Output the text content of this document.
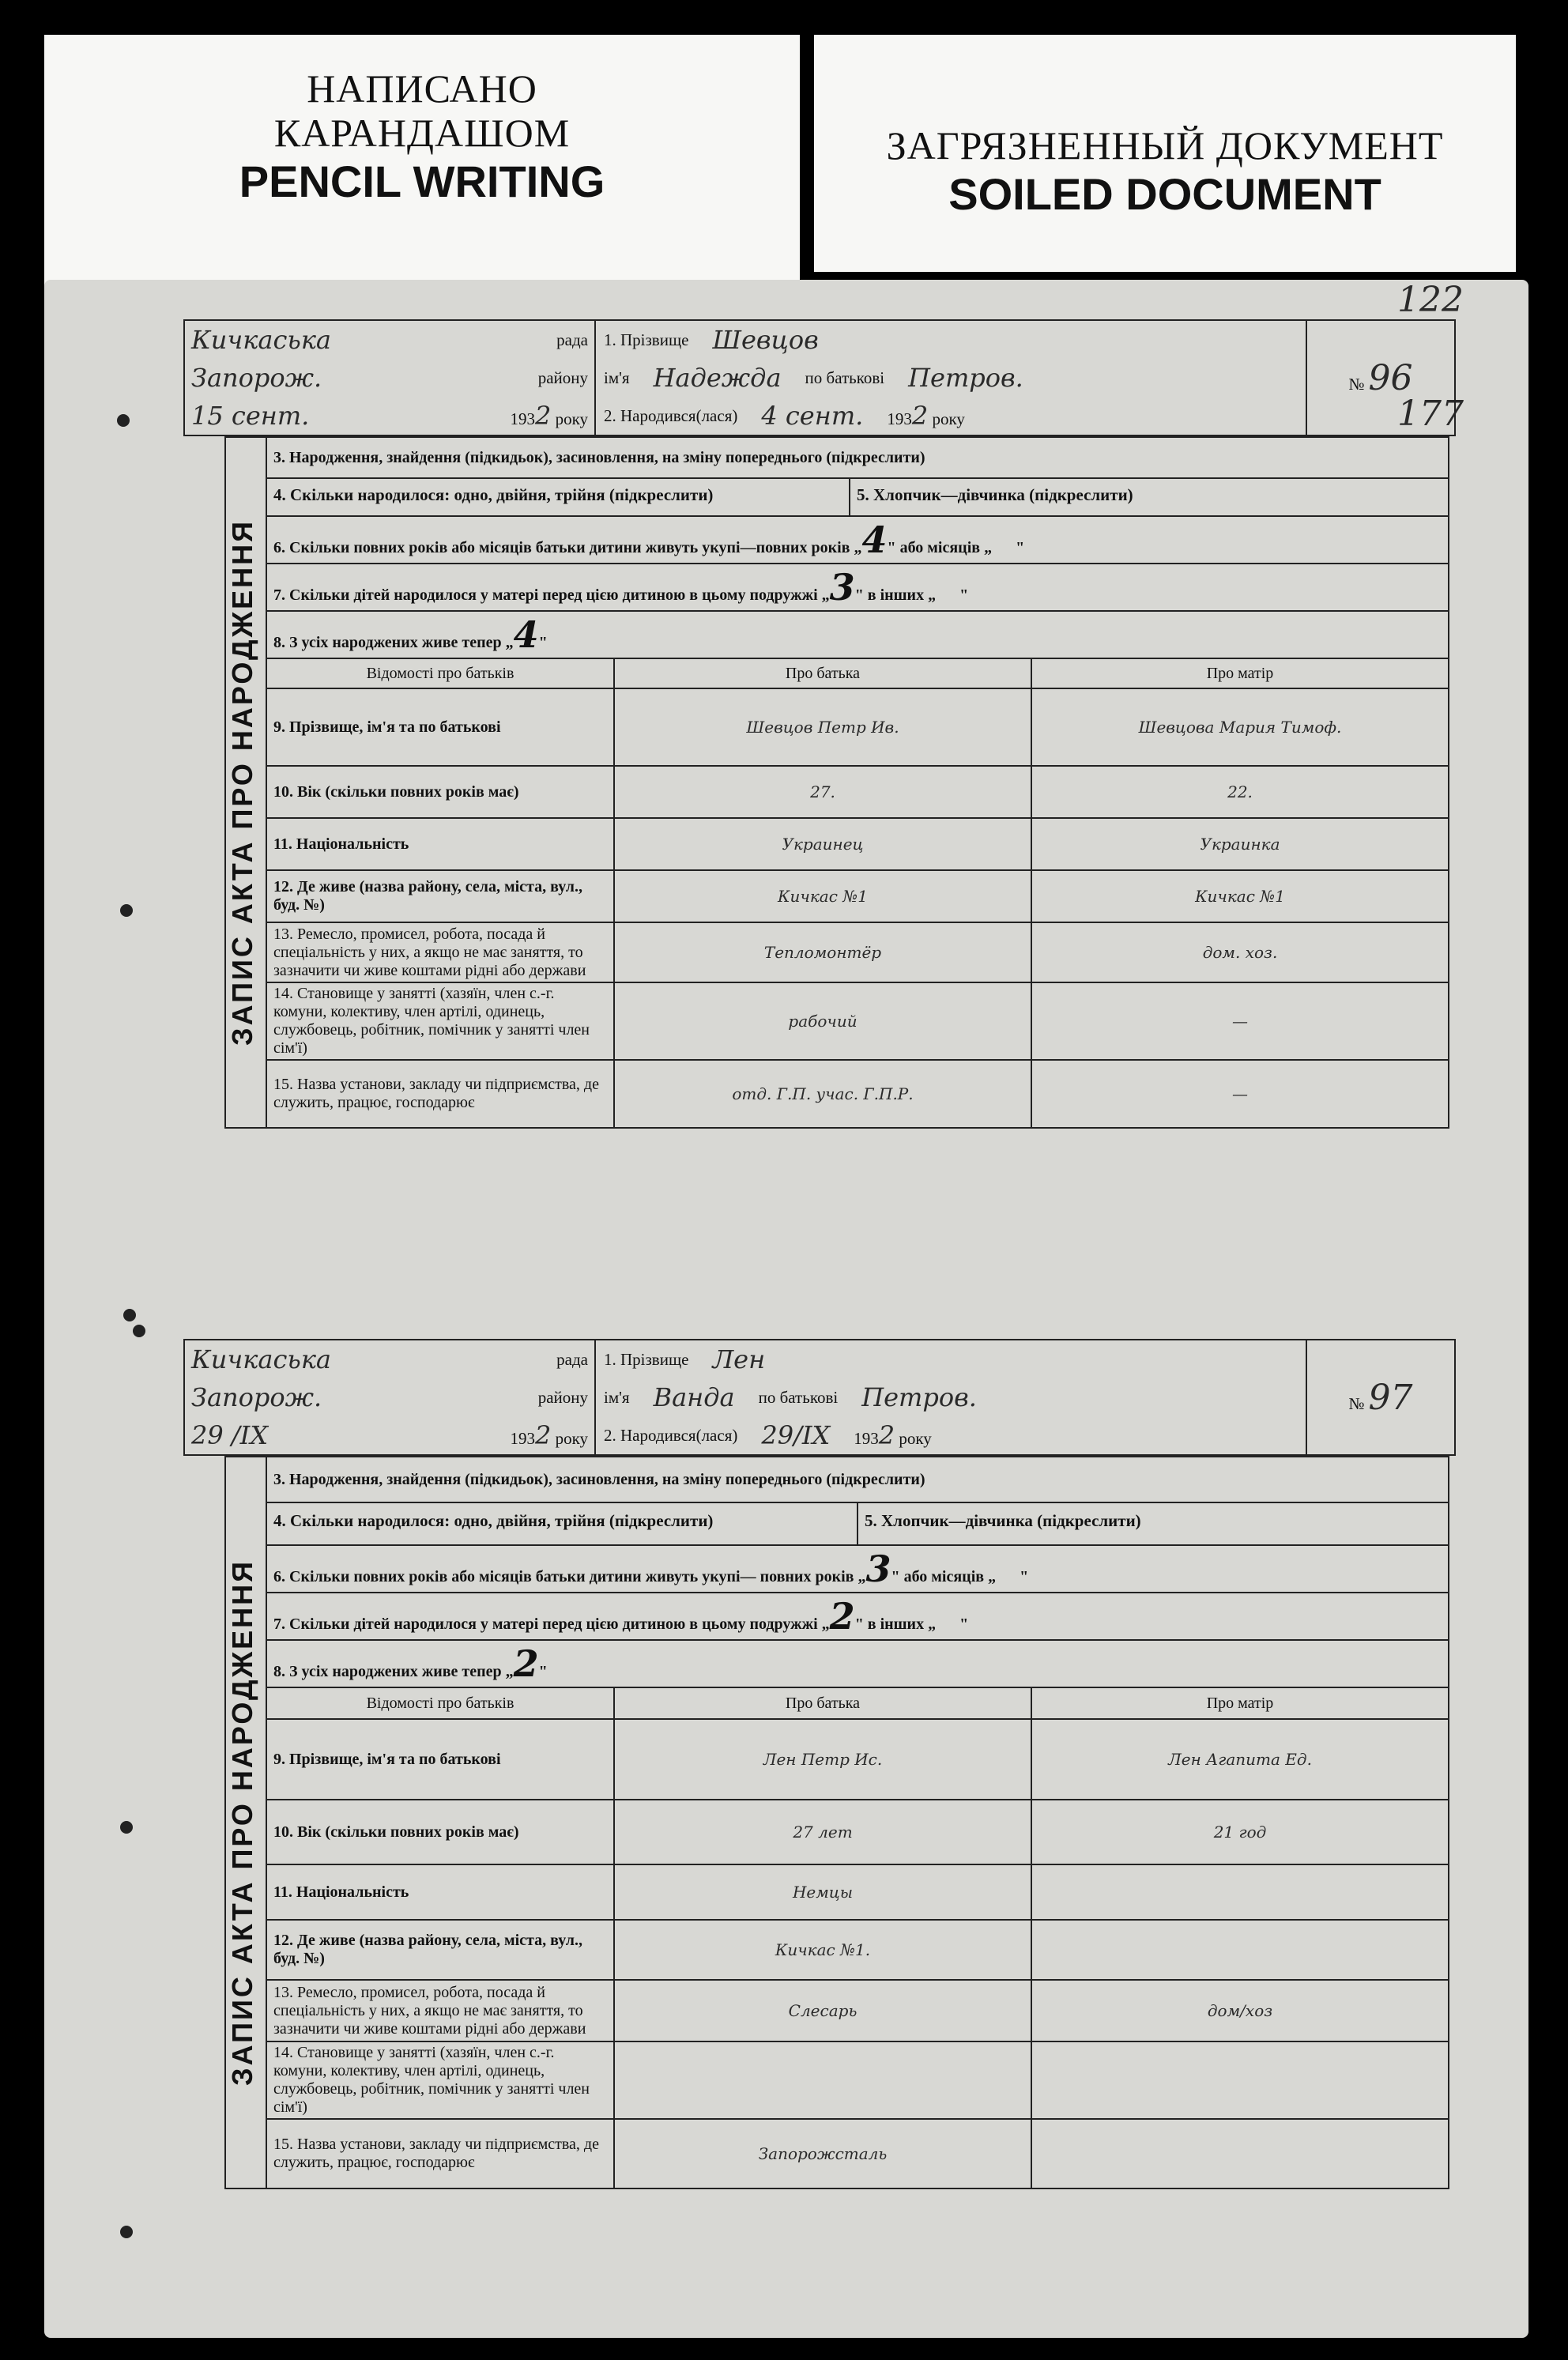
НАПИСАНО
КАРАНДАШОМ
PENCIL WRITING
ЗАГРЯЗНЕННЫЙ ДОКУМЕНТ
SOILED DOCUMENT
122
177
Кичкаська	рада
Запорож.	району
15 сент.	1932 року

1. Прізвище Шевцов
ім'я Надежда по батькові Петров.
2. Народився(лася) 4 сент. 1932 року
	№ 96
ЗАПИС АКТА ПРО НАРОДЖЕННЯ	3. Народження, знайдення (підкидьок), засиновлення, на зміну попереднього (підкреслити)		

	4. Скільки народилося: одно, двійня, трійня (підкреслити) 5. Хлопчик—дівчинка (підкреслити)		

	6. Скільки повних років або місяців батьки дитини живуть укупі—повних років „4" або місяців „ "		
	7. Скільки дітей народилося у матері перед цією дитиною в цьому подружжі „3" в інших „ "		
	8. З усіх народжених живе тепер „4"		
	Відомості про батьків	Про батька	Про матір
	9. Прізвище, ім'я та по батькові	Шевцов Петр Ив.	Шевцова Мария Тимоф.
	10. Вік (скільки повних років має)	27.	22.
	11. Національність	Украинец	Украинка
	12. Де живе (назва району, села, міста, вул., буд. №)	Кичкас №1	Кичкас №1
	13. Ремесло, промисел, робота, посада й спеціальність у них, а якщо не має заняття, то зазначити чи живе коштами рідні або держави	Тепломонтёр	дом. хоз.
	14. Становище у занятті (хазяїн, член с.-г. комуни, колективу, член артілі, одинець, службовець, робітник, помічник у занятті член сім'ї)	рабочий	—
	15. Назва установи, закладу чи підприємства, де служить, працює, господарює	отд. Г.П. учас. Г.П.Р.	—
Кичкаська	рада
Запорож.	району
29 /IX	1932 року

1. Прізвище Лен
ім'я Ванда по батькові Петров.
2. Народився(лася) 29/IX 1932 року
	№ 97
ЗАПИС АКТА ПРО НАРОДЖЕННЯ	3. Народження, знайдення (підкидьок), засиновлення, на зміну попереднього (підкреслити)		

	4. Скільки народилося: одно, двійня, трійня (підкреслити) 5. Хлопчик—дівчинка (підкреслити)		

	6. Скільки повних років або місяців батьки дитини живуть укупі— повних років „3" або місяців „ "		
	7. Скільки дітей народилося у матері перед цією дитиною в цьому подружжі „2" в інших „ "		
	8. З усіх народжених живе тепер „2"		
	Відомості про батьків	Про батька	Про матір
	9. Прізвище, ім'я та по батькові	Лен Петр Ис.	Лен Агапита Ед.
	10. Вік (скільки повних років має)	27 лет	21 год
	11. Національність	Немцы	
	12. Де живе (назва району, села, міста, вул., буд. №)	Кичкас №1.	
	13. Ремесло, промисел, робота, посада й спеціальність у них, а якщо не має заняття, то зазначити чи живе коштами рідні або держави	Слесарь	дом/хоз
	14. Становище у занятті (хазяїн, член с.-г. комуни, колективу, член артілі, одинець, службовець, робітник, помічник у занятті член сім'ї)		
	15. Назва установи, закладу чи підприємства, де служить, працює, господарює	Запорожсталь	
